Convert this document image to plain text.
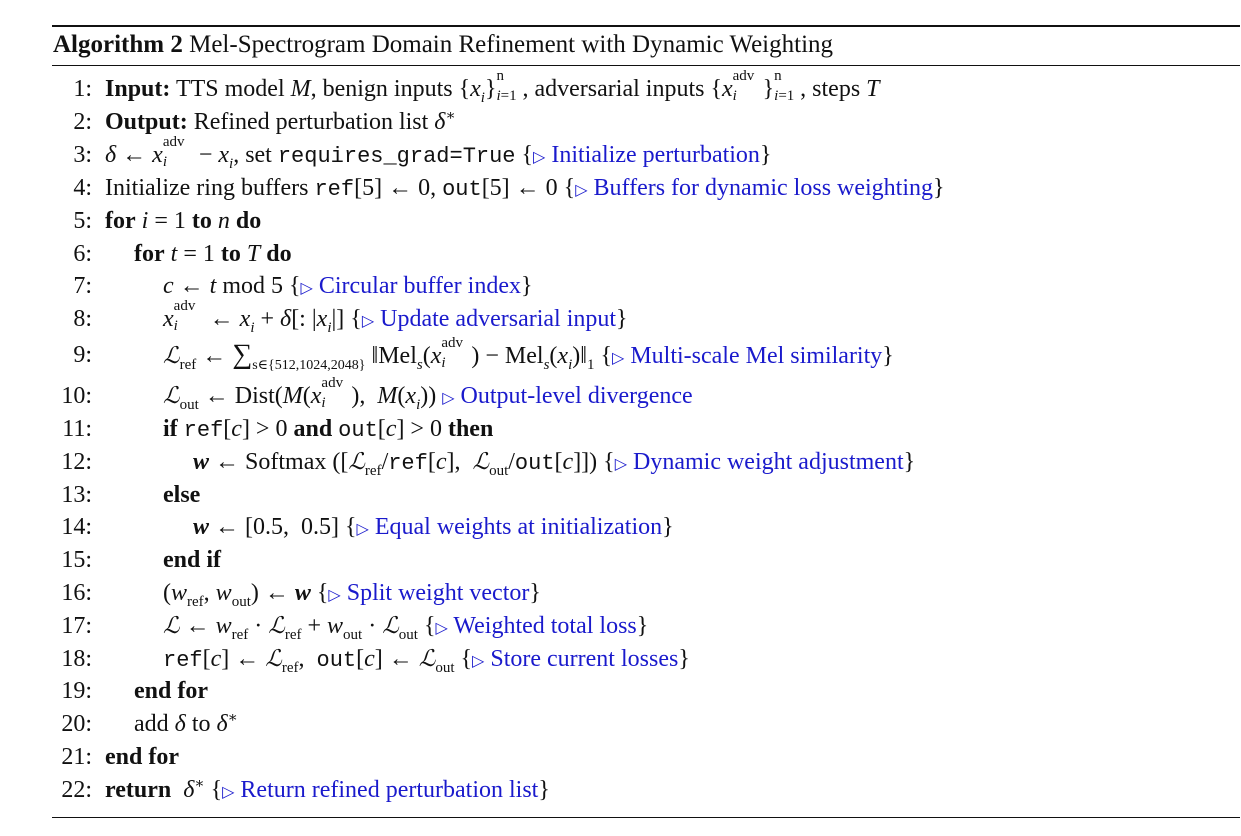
Algorithm 2 Mel-Spectrogram Domain Refinement with Dynamic Weighting
1: Input: TTS model M, benign inputs $\{x_i\}$ n
i=1 , adversarial inputs {x adv
i } n
i=1 , steps T
2: Output: Refined perturbation list δ∗
3: δ ← x adv
$i - x_i$, set requires_grad=True {▷ Initialize perturbation}
4: Initialize ring buffers ref[5] ← 0, out[5] ← 0 {▷ Buffers for dynamic loss weighting}
5: for i = 1 to n do
6: for t = 1 to T do
7:	c ← t mod 5 {▷ Circular buffer index}
8:	x adv
i ← $x_i + \delta$[: $|x_i|$] {▷ Update adversarial input}
9:	ℒ$_{ref}$ ← $\sum_{s\in\{512,1024,2048\}}$ ‖Mel$_s$(x adv
i ) − $Mel_s(x_i)‖_1$ {▷ Multi-scale Mel similarity}
10:	ℒ$_{out}$ ← Dist(M(x adv
i ),  $M(x_i)$) ▷ Output-level divergence
11:	if ref[c] > 0 and out[c] > 0 then
12:	w ← Softmax ([ℒ$_{ref}$/ref[c],  ℒ$_{out}$/out[c]]) {▷ Dynamic weight adjustment}
13:	else
14:	w ← [0.5,  0.5] {▷ Equal weights at initialization}
15:	end if
16:	($w_{ref}$, $w_{out}$) ← w {▷ Split weight vector}
17:	ℒ ← $w_{ref}$ · ℒ$_{ref}$ + $w_{out}$ · ℒ$_{out}$ {▷ Weighted total loss}
18:	ref[c] ← ℒ$_{ref}$,  out[c] ← ℒ$_{out}$ {▷ Store current losses}
19: end for
20: add δ to δ∗
21: end for
22: return δ∗ {▷ Return refined perturbation list}
